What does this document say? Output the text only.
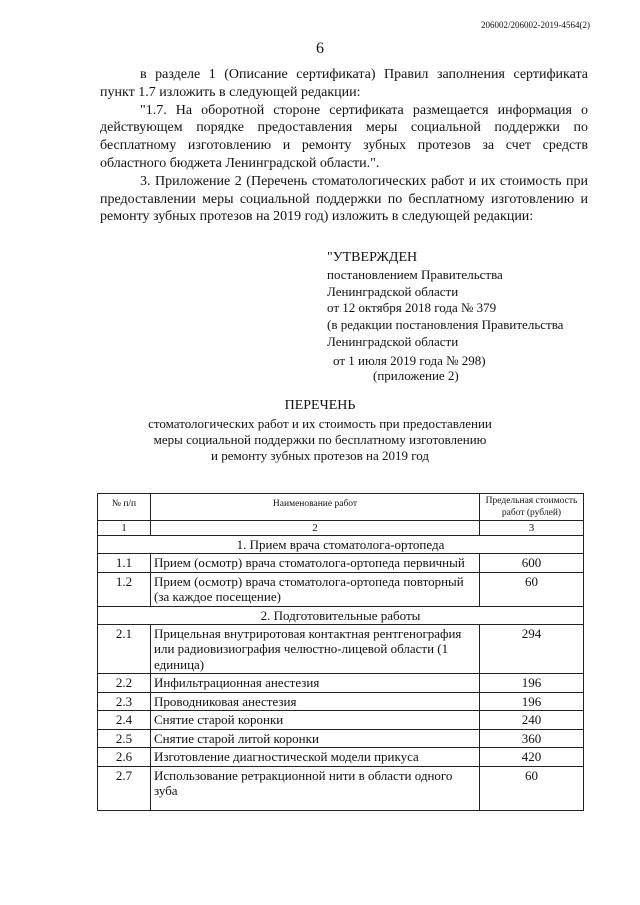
206002/206002-2019-4564(2)
6

в разделе 1 (Описание сертификата) Правил заполнения сертификата пункт 1.7 изложить в следующей редакции:

"1.7. На оборотной стороне сертификата размещается информация о действующем порядке предоставления меры социальной поддержки по бесплатному изготовлению и ремонту зубных протезов за счет средств областного бюджета Ленинградской области.".

3. Приложение 2 (Перечень стоматологических работ и их стоимость при предоставлении меры социальной поддержки по бесплатному изготовлению и ремонту зубных протезов на 2019 год) изложить в следующей редакции:

"УТВЕРЖДЕН
постановлением Правительства
Ленинградской области
от 12 октября 2018 года № 379
(в редакции постановления Правительства
Ленинградской области
от 1 июля 2019 года № 298)
(приложение 2)
ПЕРЕЧЕНЬ
стоматологических работ и их стоимость при предоставлении
меры социальной поддержки по бесплатному изготовлению
и ремонту зубных протезов на 2019 год
№ п/п	Наименование работ	Предельная стоимость работ (рублей)
1	2	3
1. Прием врача стоматолога-ортопеда		
1.1	Прием (осмотр) врача стоматолога-ортопеда первичный	600
1.2	Прием (осмотр) врача стоматолога-ортопеда повторный (за каждое посещение)	60
2. Подготовительные работы		
2.1	Прицельная внутриротовая контактная рентгенография или радиовизиография челюстно-лицевой области (1 единица)	294
2.2	Инфильтрационная анестезия	196
2.3	Проводниковая анестезия	196
2.4	Снятие старой коронки	240
2.5	Снятие старой литой коронки	360
2.6	Изготовление диагностической модели прикуса	420
2.7	Использование ретракционной нити в области одного зуба	60
